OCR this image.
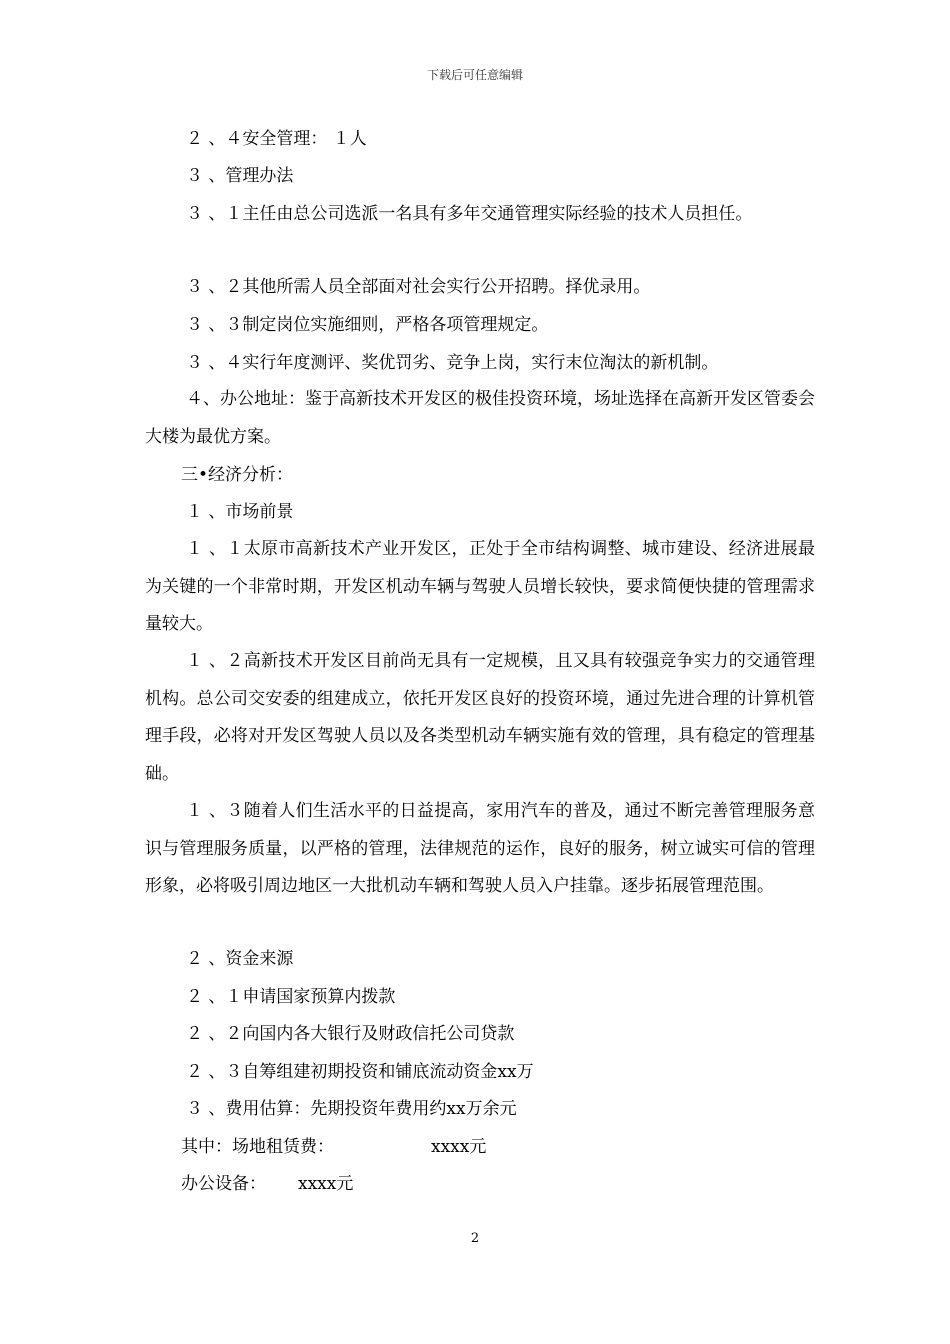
下载后可任意编辑
２ 、４安全管理： １人
３ 、管理办法
３ 、１主任由总公司选派一名具有多年交通管理实际经验的技术人员担任。
３ 、２其他所需人员全部面对社会实行公开招聘。择优录用。
３ 、３制定岗位实施细则，严格各项管理规定。
３ 、４实行年度测评、奖优罚劣、竞争上岗，实行末位淘汰的新机制。
４、办公地址：鉴于高新技术开发区的极佳投资环境，场址选择在高新开发区管委会大楼为最优方案。
三•经济分析：
１ 、市场前景
１ 、１太原市高新技术产业开发区，正处于全市结构调整、城市建设、经济进展最为关键的一个非常时期，开发区机动车辆与驾驶人员增长较快，要求简便快捷的管理需求量较大。
１ 、２高新技术开发区目前尚无具有一定规模，且又具有较强竞争实力的交通管理机构。总公司交安委的组建成立，依托开发区良好的投资环境，通过先进合理的计算机管理手段，必将对开发区驾驶人员以及各类型机动车辆实施有效的管理，具有稳定的管理基础。
１ 、３随着人们生活水平的日益提高，家用汽车的普及，通过不断完善管理服务意识与管理服务质量，以严格的管理，法律规范的运作，良好的服务，树立诚实可信的管理形象，必将吸引周边地区一大批机动车辆和驾驶人员入户挂靠。逐步拓展管理范围。
２ 、资金来源
２ 、１申请国家预算内拨款
２ 、２向国内各大银行及财政信托公司贷款
２ 、３自筹组建初期投资和铺底流动资金xx万
３ 、费用估算：先期投资年费用约xx万余元
其中：场地租赁费：	xxxx元
办公设备： xxxx元
2
